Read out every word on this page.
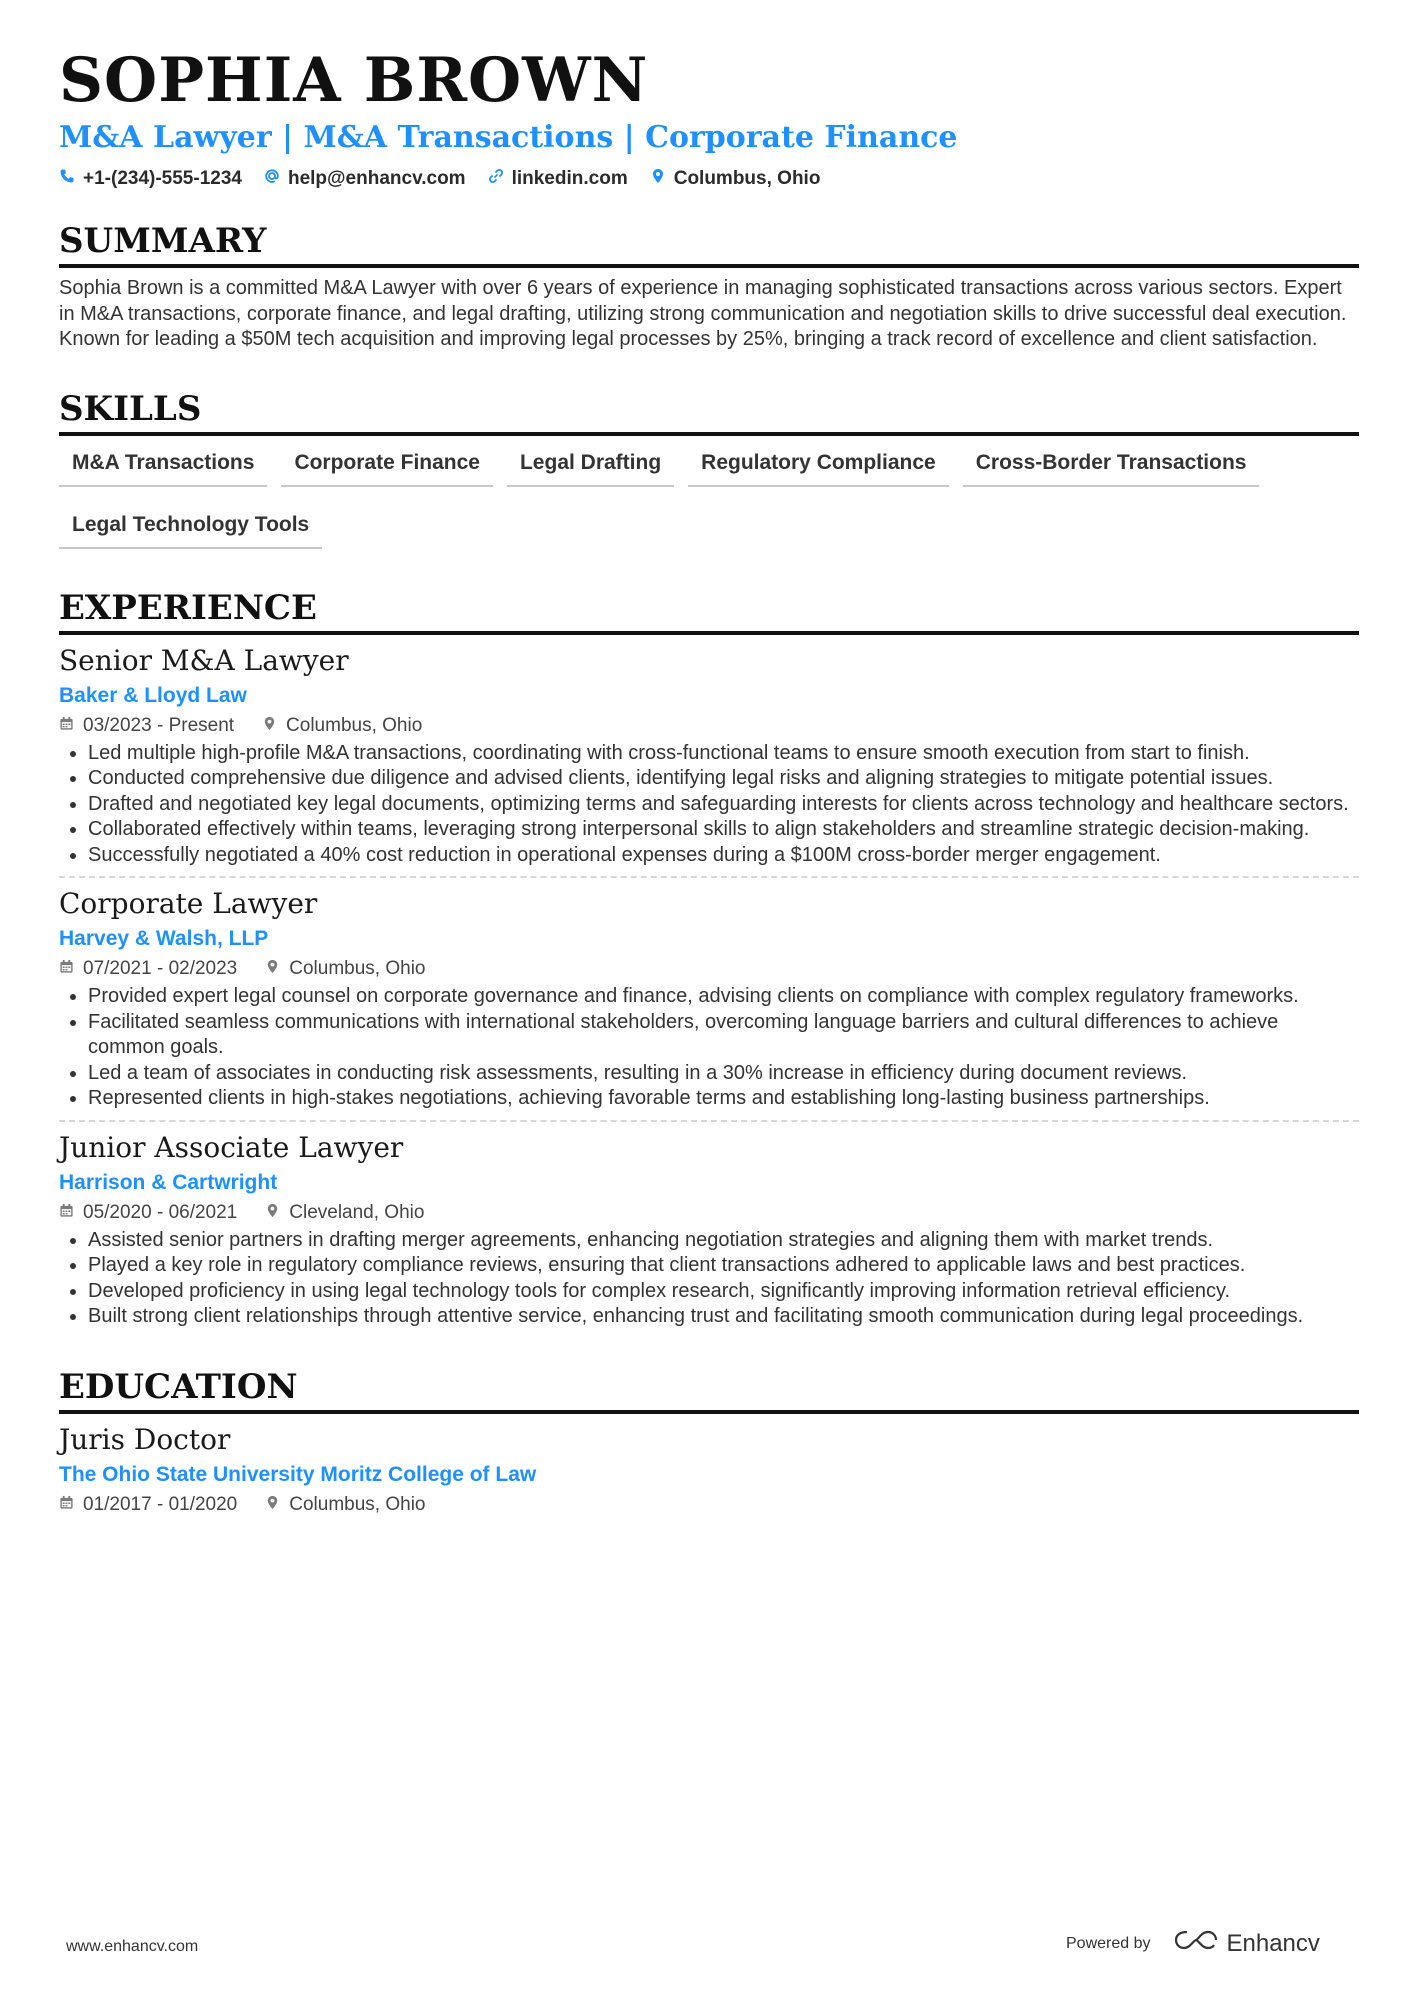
SOPHIA BROWN
M&A Lawyer | M&A Transactions | Corporate Finance
+1-(234)-555-1234 help@enhancv.com linkedin.com Columbus, Ohio
SUMMARY
Sophia Brown is a committed M&A Lawyer with over 6 years of experience in managing sophisticated transactions across various sectors. Expert in M&A transactions, corporate finance, and legal drafting, utilizing strong communication and negotiation skills to drive successful deal execution. Known for leading a $50M tech acquisition and improving legal processes by 25%, bringing a track record of excellence and client satisfaction.
SKILLS
M&A Transactions	Corporate Finance	Legal Drafting	Regulatory Compliance	Cross-Border Transactions
Legal Technology Tools
EXPERIENCE
Senior M&A Lawyer
Baker & Lloyd Law
03/2023 - Present	Columbus, Ohio
• Led multiple high-profile M&A transactions, coordinating with cross-functional teams to ensure smooth execution from start to finish.
• Conducted comprehensive due diligence and advised clients, identifying legal risks and aligning strategies to mitigate potential issues.
• Drafted and negotiated key legal documents, optimizing terms and safeguarding interests for clients across technology and healthcare sectors.
• Collaborated effectively within teams, leveraging strong interpersonal skills to align stakeholders and streamline strategic decision-making.
• Successfully negotiated a 40% cost reduction in operational expenses during a $100M cross-border merger engagement.
Corporate Lawyer
Harvey & Walsh, LLP
07/2021 - 02/2023	Columbus, Ohio
• Provided expert legal counsel on corporate governance and finance, advising clients on compliance with complex regulatory frameworks.
• Facilitated seamless communications with international stakeholders, overcoming language barriers and cultural differences to achieve common goals.
• Led a team of associates in conducting risk assessments, resulting in a 30% increase in efficiency during document reviews.
• Represented clients in high-stakes negotiations, achieving favorable terms and establishing long-lasting business partnerships.
Junior Associate Lawyer
Harrison & Cartwright
05/2020 - 06/2021	Cleveland, Ohio
• Assisted senior partners in drafting merger agreements, enhancing negotiation strategies and aligning them with market trends.
• Played a key role in regulatory compliance reviews, ensuring that client transactions adhered to applicable laws and best practices.
• Developed proficiency in using legal technology tools for complex research, significantly improving information retrieval efficiency.
• Built strong client relationships through attentive service, enhancing trust and facilitating smooth communication during legal proceedings.
EDUCATION
Juris Doctor
The Ohio State University Moritz College of Law
01/2017 - 01/2020	Columbus, Ohio
www.enhancv.com	Powered by	Enhancv
